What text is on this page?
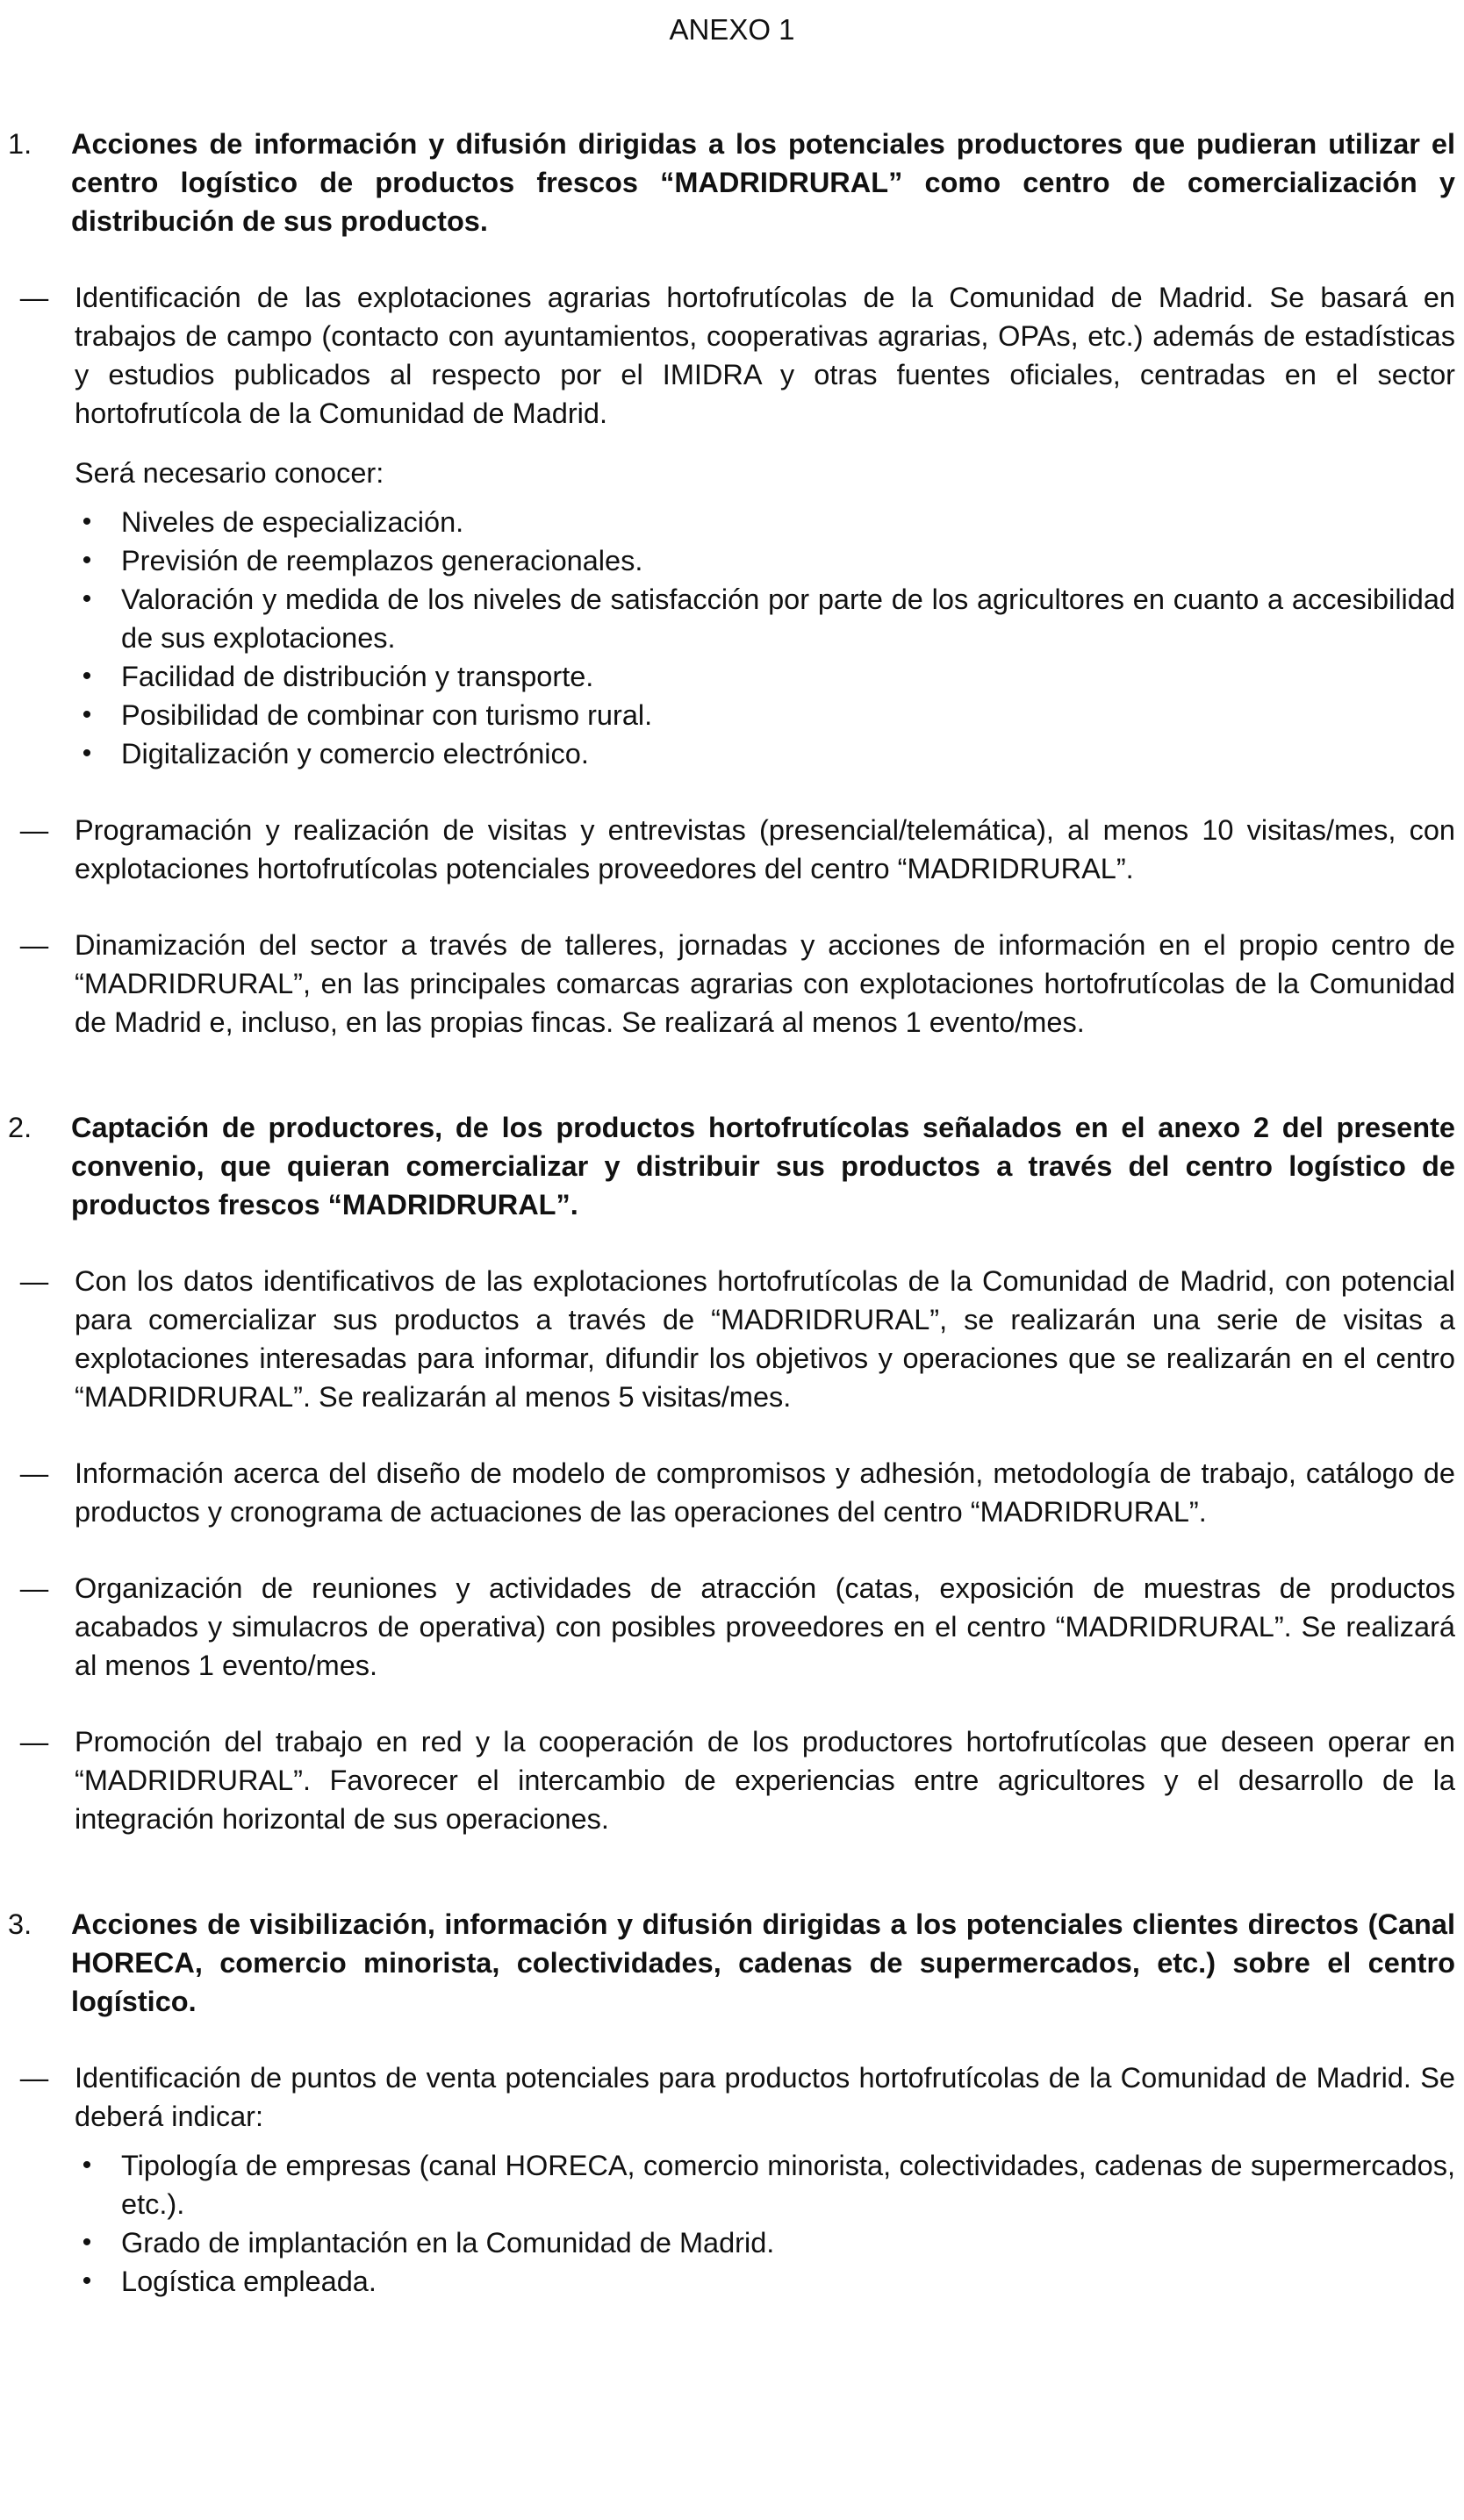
ANEXO 1
1. Acciones de información y difusión dirigidas a los potenciales productores que pudieran utilizar el centro logístico de productos frescos “MADRIDRURAL” como centro de comercialización y distribución de sus productos.

— Identificación de las explotaciones agrarias hortofrutícolas de la Comunidad de Madrid. Se basará en trabajos de campo (contacto con ayuntamientos, cooperativas agrarias, OPAs, etc.) además de estadísticas y estudios publicados al respecto por el IMIDRA y otras fuentes oficiales, centradas en el sector hortofrutícola de la Comunidad de Madrid.

Será necesario conocer:

• Niveles de especialización.
• Previsión de reemplazos generacionales.
• Valoración y medida de los niveles de satisfacción por parte de los agricultores en cuanto a accesibilidad de sus explotaciones.
• Facilidad de distribución y transporte.
• Posibilidad de combinar con turismo rural.
• Digitalización y comercio electrónico.
— Programación y realización de visitas y entrevistas (presencial/telemática), al menos 10 visitas/mes, con explotaciones hortofrutícolas potenciales proveedores del centro “MADRIDRURAL”.

— Dinamización del sector a través de talleres, jornadas y acciones de información en el propio centro de “MADRIDRURAL”, en las principales comarcas agrarias con explotaciones hortofrutícolas de la Comunidad de Madrid e, incluso, en las propias fincas. Se realizará al menos 1 evento/mes.

2. Captación de productores, de los productos hortofrutícolas señalados en el anexo 2 del presente convenio, que quieran comercializar y distribuir sus productos a través del centro logístico de productos frescos “MADRIDRURAL”.

— Con los datos identificativos de las explotaciones hortofrutícolas de la Comunidad de Madrid, con potencial para comercializar sus productos a través de “MADRIDRURAL”, se realizarán una serie de visitas a explotaciones interesadas para informar, difundir los objetivos y operaciones que se realizarán en el centro “MADRIDRURAL”. Se realizarán al menos 5 visitas/mes.

— Información acerca del diseño de modelo de compromisos y adhesión, metodología de trabajo, catálogo de productos y cronograma de actuaciones de las operaciones del centro “MADRIDRURAL”.

— Organización de reuniones y actividades de atracción (catas, exposición de muestras de productos acabados y simulacros de operativa) con posibles proveedores en el centro “MADRIDRURAL”. Se realizará al menos 1 evento/mes.

— Promoción del trabajo en red y la cooperación de los productores hortofrutícolas que deseen operar en “MADRIDRURAL”. Favorecer el intercambio de experiencias entre agricultores y el desarrollo de la integración horizontal de sus operaciones.

3. Acciones de visibilización, información y difusión dirigidas a los potenciales clientes directos (Canal HORECA, comercio minorista, colectividades, cadenas de supermercados, etc.) sobre el centro logístico.

— Identificación de puntos de venta potenciales para productos hortofrutícolas de la Comunidad de Madrid. Se deberá indicar:

• Tipología de empresas (canal HORECA, comercio minorista, colectividades, cadenas de supermercados, etc.).
• Grado de implantación en la Comunidad de Madrid.
• Logística empleada.
